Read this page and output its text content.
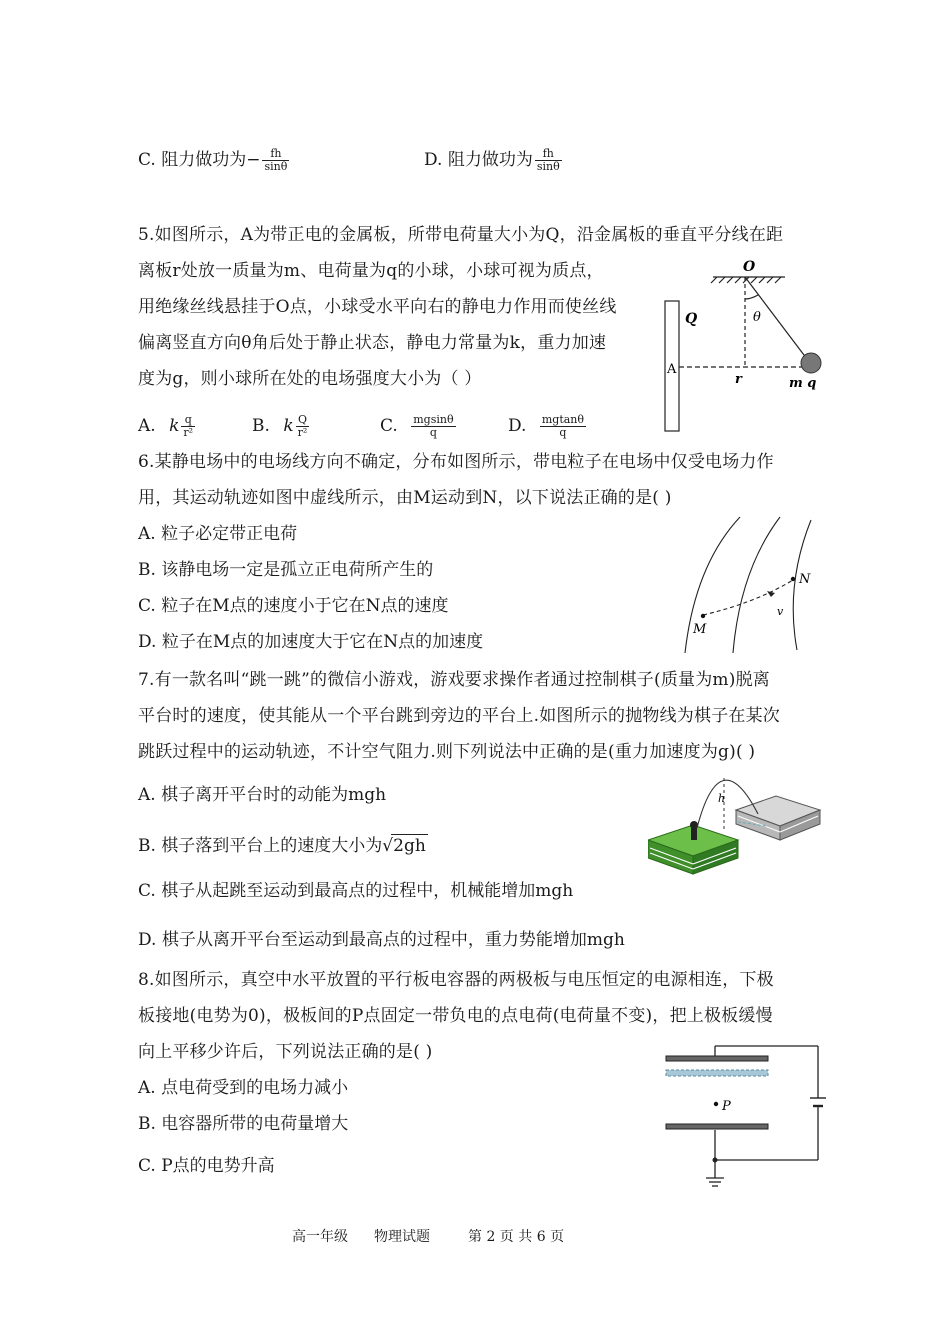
C. 阻力做功为− $\frac{fh}{\sin\theta}$	D. 阻力做功为 $\frac{fh}{\sin\theta}$
5.如图所示，A为带正电的金属板，所带电荷量大小为Q，沿金属板的垂直平分线在距
离板r处放一质量为m、电荷量为q的小球，小球可视为质点，
用绝缘丝线悬挂于O点，小球受水平向右的静电力作用而使丝线
偏离竖直方向θ角后处于静止状态，静电力常量为k，重力加速
度为g，则小球所在处的电场强度大小为（ ）
A. k $\frac{q}{\text{r²}}$	B. k $\frac{Q}{\text{r²}}$	C. $\frac{mgsin\theta}{q}$	D. $\frac{mgtan\theta}{q}$
O
Q	θ
A
r	m q
6.某静电场中的电场线方向不确定，分布如图所示，带电粒子在电场中仅受电场力作
用，其运动轨迹如图中虚线所示，由M运动到N，以下说法正确的是( )
A. 粒子必定带正电荷
B. 该静电场一定是孤立正电荷所产生的
C. 粒子在M点的速度小于它在N点的速度
D. 粒子在M点的加速度大于它在N点的加速度
M
N
v
7.有一款名叫“跳一跳”的微信小游戏，游戏要求操作者通过控制棋子(质量为m)脱离
平台时的速度，使其能从一个平台跳到旁边的平台上.如图所示的抛物线为棋子在某次
跳跃过程中的运动轨迹，不计空气阻力.则下列说法中正确的是(重力加速度为g)( )
A. 棋子离开平台时的动能为mgh
B. 棋子落到平台上的速度大小为√2gh
C. 棋子从起跳至运动到最高点的过程中，机械能增加mgh
D. 棋子从离开平台至运动到最高点的过程中，重力势能增加mgh
h
8.如图所示，真空中水平放置的平行板电容器的两极板与电压恒定的电源相连，下极
板接地(电势为0)，极板间的P点固定一带负电的点电荷(电荷量不变)，把上极板缓慢
向上平移少许后，下列说法正确的是( )
A. 点电荷受到的电场力减小
B. 电容器所带的电荷量增大
C. P点的电势升高
P
高一年级 物理试题	第 2 页 共 6 页
